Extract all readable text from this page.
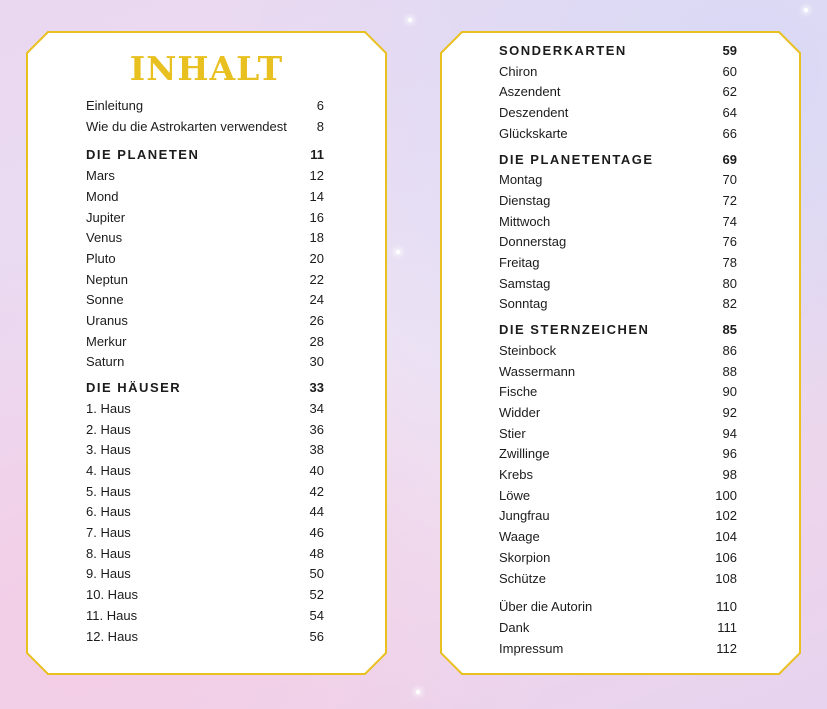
INHALT
Einleitung	6
Wie du die Astrokarten verwendest 8
DIE PLANETEN	11
Mars	12
Mond	14
Jupiter	16
Venus	18
Pluto	20
Neptun	22
Sonne	24
Uranus	26
Merkur	28
Saturn	30
DIE HÄUSER	33
1. Haus	34
2. Haus	36
3. Haus	38
4. Haus	40
5. Haus	42
6. Haus	44
7. Haus	46
8. Haus	48
9. Haus	50
10. Haus	52
11. Haus	54
12. Haus	56
SONDERKARTEN	59
Chiron	60
Aszendent	62
Deszendent	64
Glückskarte	66
DIE PLANETENTAGE	69
Montag	70
Dienstag	72
Mittwoch	74
Donnerstag	76
Freitag	78
Samstag	80
Sonntag	82
DIE STERNZEICHEN	85
Steinbock	86
Wassermann	88
Fische	90
Widder	92
Stier	94
Zwillinge	96
Krebs	98
Löwe	100
Jungfrau	102
Waage	104
Skorpion	106
Schütze	108
Über die Autorin	110
Dank	111
Impressum	112
